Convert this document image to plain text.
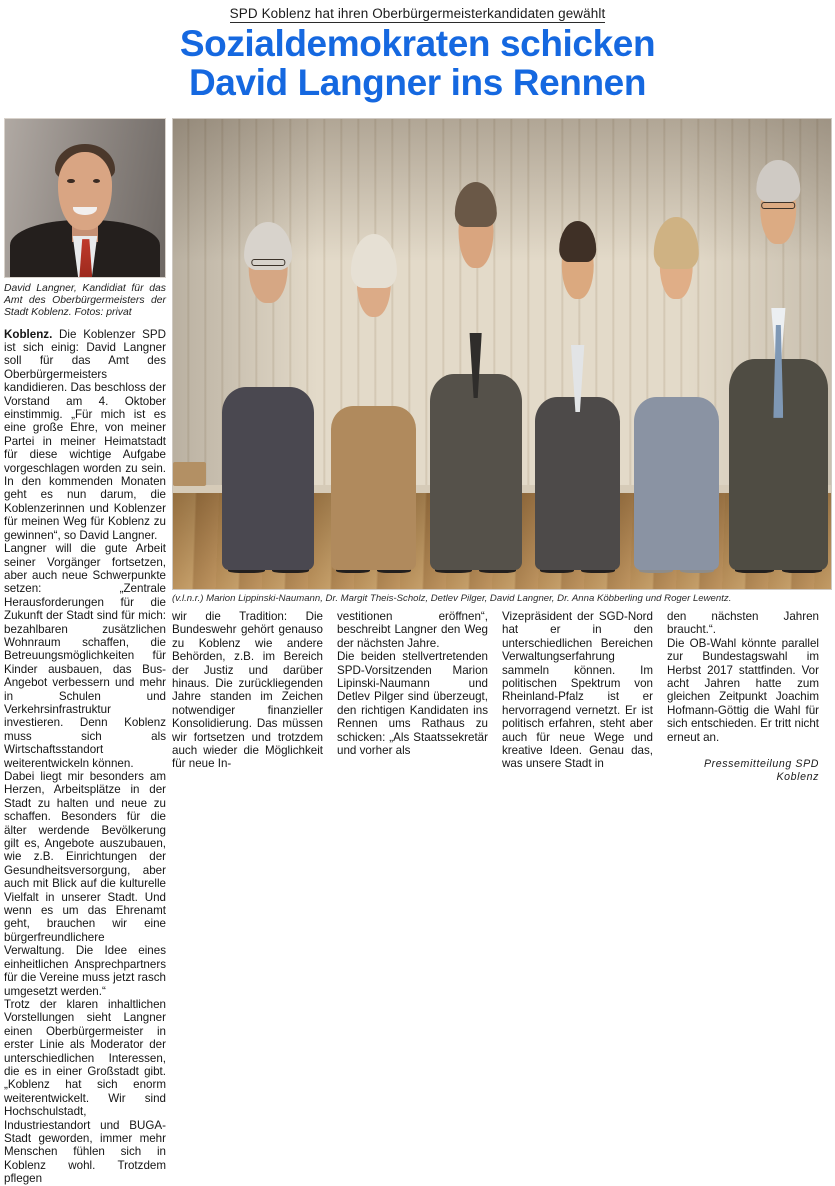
SPD Koblenz hat ihren Oberbürgermeisterkandidaten gewählt
Sozialdemokraten schicken
David Langner ins Rennen
David Langner, Kandidiat für das Amt des Oberbürgermeisters der Stadt Koblenz. Fotos: privat

Koblenz. Die Koblenzer SPD ist sich einig: David Langner soll für das Amt des Oberbürgermeisters kandidieren. Das beschloss der Vorstand am 4. Oktober einstimmig. „Für mich ist es eine große Ehre, von meiner Partei in meiner Heimatstadt für diese wichtige Aufgabe vorgeschlagen worden zu sein. In den kommenden Monaten geht es nun darum, die Koblenzerinnen und Koblenzer für meinen Weg für Koblenz zu gewinnen“, so David Langner.

Langner will die gute Arbeit seiner Vorgänger fortsetzen, aber auch neue Schwerpunkte setzen: „Zentrale Herausforderungen für die Zukunft der Stadt sind für mich: bezahlbaren zusätzlichen Wohnraum schaffen, die Betreuungsmöglichkeiten für Kinder ausbauen, das Bus-Angebot verbessern und mehr in Schulen und Verkehrsinfrastruktur investieren. Denn Koblenz muss sich als Wirtschaftsstandort weiterentwickeln können.

Dabei liegt mir besonders am Herzen, Arbeitsplätze in der Stadt zu halten und neue zu schaffen. Besonders für die älter werdende Bevölkerung gilt es, Angebote auszubauen, wie z.B. Einrichtungen der Gesundheitsversorgung, aber auch mit Blick auf die kulturelle Vielfalt in unserer Stadt. Und wenn es um das Ehrenamt geht, brauchen wir eine bürgerfreundlichere Verwaltung. Die Idee eines einheitlichen Ansprechpartners für die Vereine muss jetzt rasch umgesetzt werden.“

Trotz der klaren inhaltlichen Vorstellungen sieht Langner einen Oberbürgermeister in erster Linie als Moderator der unterschiedlichen Interessen, die es in einer Großstadt gibt. „Koblenz hat sich enorm weiterentwickelt. Wir sind Hochschulstadt, Industriestandort und BUGA-Stadt geworden, immer mehr Menschen fühlen sich in Koblenz wohl. Trotzdem pflegen

(v.l.n.r.) Marion Lippinski-Naumann, Dr. Margit Theis-Scholz, Detlev Pilger, David Langner, Dr. Anna Köbberling und Roger Lewentz.

wir die Tradition: Die Bundeswehr gehört genauso zu Koblenz wie andere Behörden, z.B. im Bereich der Justiz und darüber hinaus. Die zurückliegenden Jahre standen im Zeichen notwendiger finanzieller Konsolidierung. Das müssen wir fortsetzen und trotzdem auch wieder die Möglichkeit für neue In-

vestitionen eröffnen“, beschreibt Langner den Weg der nächsten Jahre.

Die beiden stellvertretenden SPD-Vorsitzenden Marion Lipinski-Naumann und Detlev Pilger sind überzeugt, den richtigen Kandidaten ins Rennen ums Rathaus zu schicken: „Als Staatssekretär und vorher als

Vizepräsident der SGD-Nord hat er in den unterschiedlichen Bereichen Verwaltungserfahrung sammeln können. Im politischen Spektrum von Rheinland-Pfalz ist er hervorragend vernetzt. Er ist politisch erfahren, steht aber auch für neue Wege und kreative Ideen. Genau das, was unsere Stadt in

den nächsten Jahren braucht.“.

Die OB-Wahl könnte parallel zur Bundestagswahl im Herbst 2017 stattfinden. Vor acht Jahren hatte zum gleichen Zeitpunkt Joachim Hofmann-Göttig die Wahl für sich entschieden. Er tritt nicht erneut an.

Pressemitteilung SPD Koblenz
